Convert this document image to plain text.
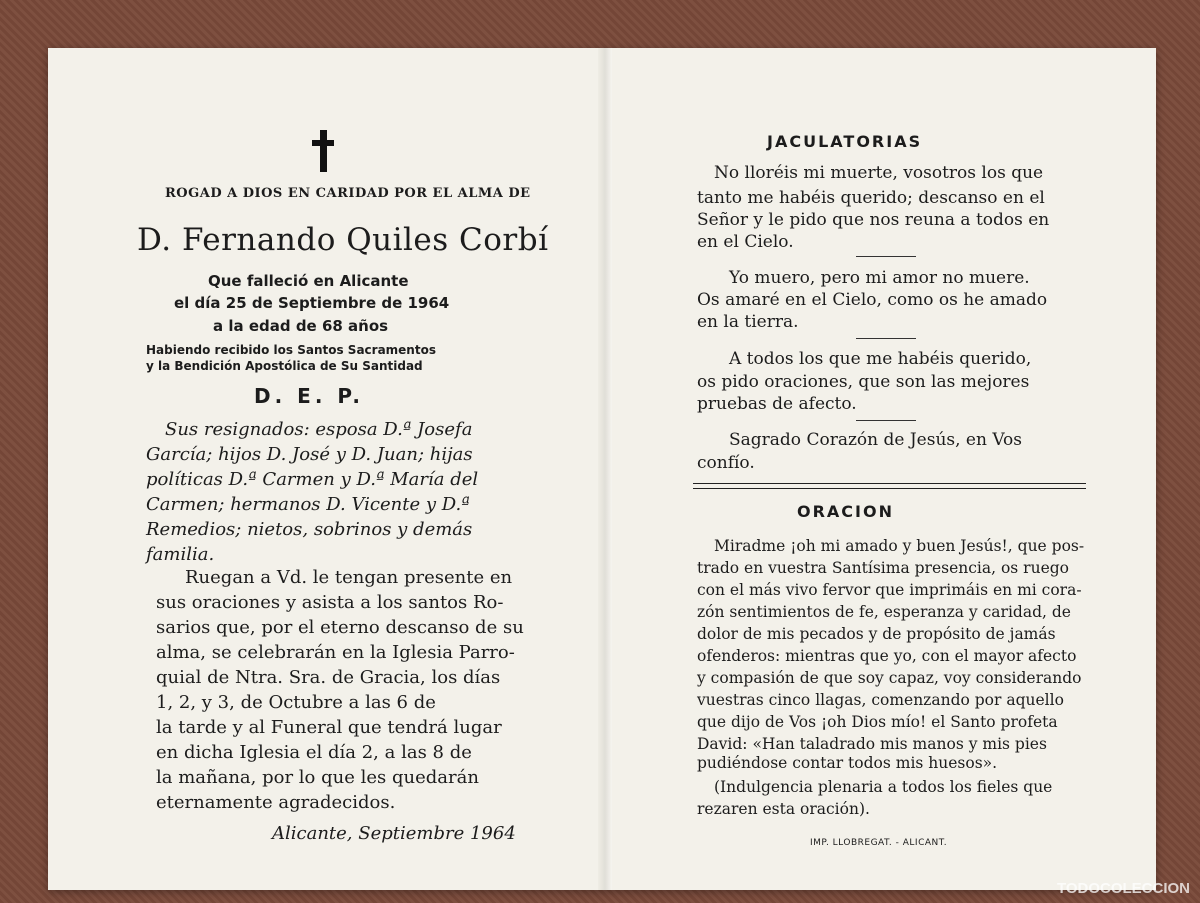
ROGAD A DIOS EN CARIDAD POR EL ALMA DE
D. Fernando Quiles Corbí
Que falleció en Alicante
el día 25 de Septiembre de 1964
a la edad de 68 años
Habiendo recibido los Santos Sacramentos
y la Bendición Apostólica de Su Santidad
D. E. P.
Sus resignados: esposa D.ª Josefa
García; hijos D. José y D. Juan; hijas
políticas D.ª Carmen y D.ª María del
Carmen; hermanos D. Vicente y D.ª
Remedios; nietos, sobrinos y demás
familia.
Ruegan a Vd. le tengan presente en
sus oraciones y asista a los santos Ro-
sarios que, por el eterno descanso de su
alma, se celebrarán en la Iglesia Parro-
quial de Ntra. Sra. de Gracia, los días
1, 2, y 3, de Octubre a las 6 de
la tarde y al Funeral que tendrá lugar
en dicha Iglesia el día 2, a las 8 de
la mañana, por lo que les quedarán
eternamente agradecidos.
Alicante, Septiembre 1964
JACULATORIAS
No lloréis mi muerte, vosotros los que
tanto me habéis querido; descanso en el
Señor y le pido que nos reuna a todos en
en el Cielo.
Yo muero, pero mi amor no muere.
Os amaré en el Cielo, como os he amado
en la tierra.
A todos los que me habéis querido,
os pido oraciones, que son las mejores
pruebas de afecto.
Sagrado Corazón de Jesús, en Vos
confío.
ORACION
Miradme ¡oh mi amado y buen Jesús!, que pos-
trado en vuestra Santísima presencia, os ruego
con el más vivo fervor que imprimáis en mi cora-
zón sentimientos de fe, esperanza y caridad, de
dolor de mis pecados y de propósito de jamás
ofenderos: mientras que yo, con el mayor afecto
y compasión de que soy capaz, voy considerando
vuestras cinco llagas, comenzando por aquello
que dijo de Vos ¡oh Dios mío! el Santo profeta
David: «Han taladrado mis manos y mis pies
pudiéndose contar todos mis huesos».
(Indulgencia plenaria a todos los fieles que
rezaren esta oración).
IMP. LLOBREGAT. - ALICANT.
TODOCOLECCION
